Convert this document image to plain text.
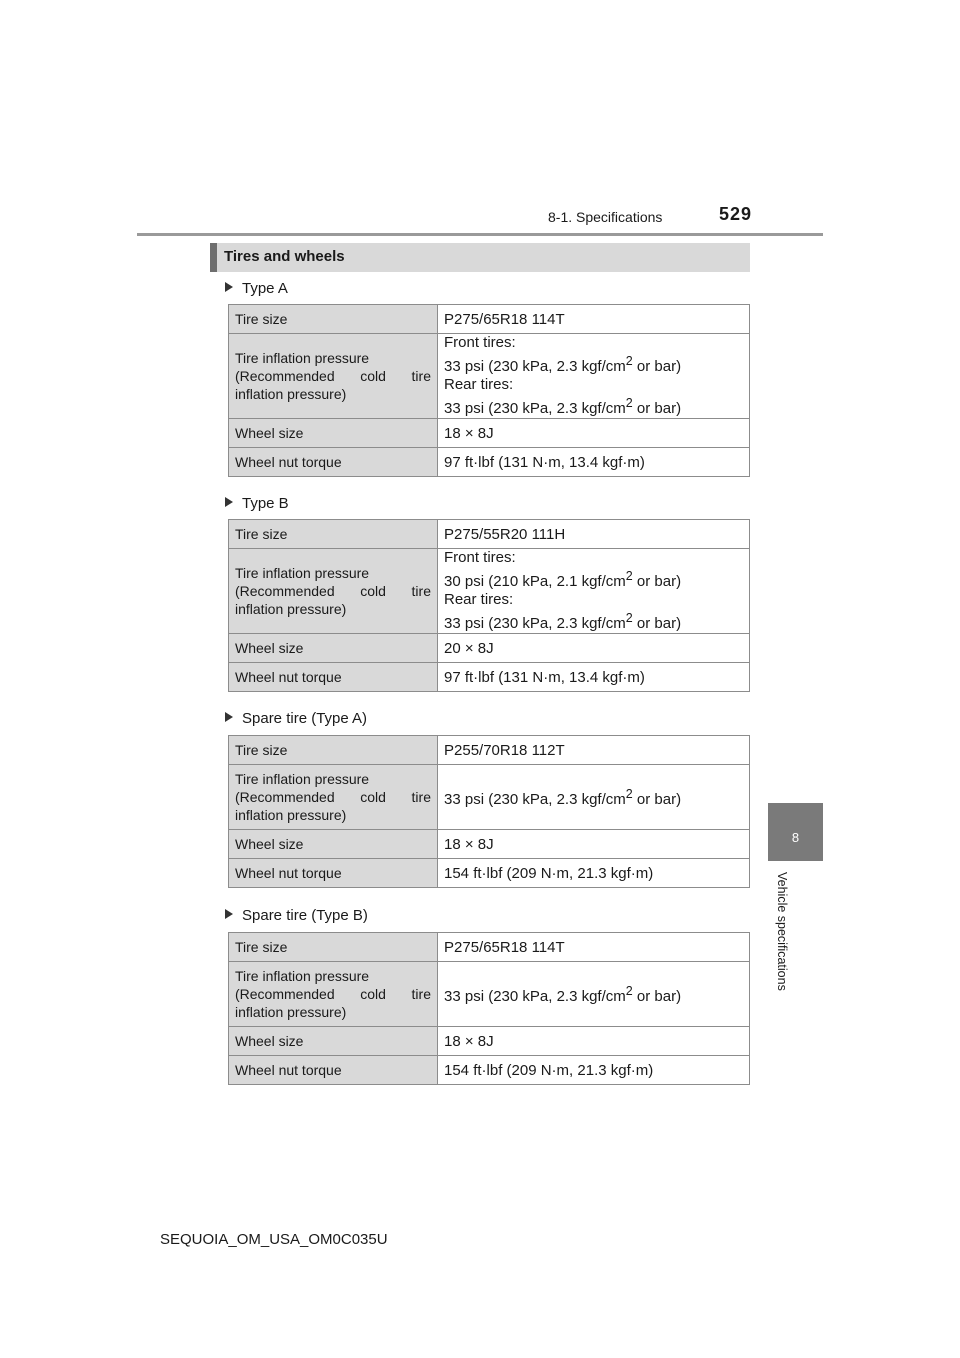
8-1. Specifications	529
8
Vehicle specifications
Tires and wheels
Type A
Tire size	P275/65R18 114T

Tire inflation pressure
(Recommended cold tire
inflation pressure)	Front tires:
33 psi (230 kPa, 2.3 kgf/$cm^2$ or bar)
Rear tires:
33 psi (230 kPa, 2.3 kgf/$cm^2$ or bar)

Wheel size	18 × 8J
Wheel nut torque	97 ft·lbf (131 N·m, 13.4 kgf·m)
Type B
Tire size	P275/55R20 111H

Tire inflation pressure
(Recommended cold tire
inflation pressure)	Front tires:
30 psi (210 kPa, 2.1 kgf/$cm^2$ or bar)
Rear tires:
33 psi (230 kPa, 2.3 kgf/$cm^2$ or bar)

Wheel size	20 × 8J
Wheel nut torque	97 ft·lbf (131 N·m, 13.4 kgf·m)
Spare tire (Type A)
Tire size	P255/70R18 112T

Tire inflation pressure
(Recommended cold tire
inflation pressure)	33 psi (230 kPa, 2.3 kgf/$cm^2$ or bar)

Wheel size	18 × 8J
Wheel nut torque	154 ft·lbf (209 N·m, 21.3 kgf·m)
Spare tire (Type B)
Tire size	P275/65R18 114T

Tire inflation pressure
(Recommended cold tire
inflation pressure)	33 psi (230 kPa, 2.3 kgf/$cm^2$ or bar)

Wheel size	18 × 8J
Wheel nut torque	154 ft·lbf (209 N·m, 21.3 kgf·m)
SEQUOIA_OM_USA_OM0C035U
